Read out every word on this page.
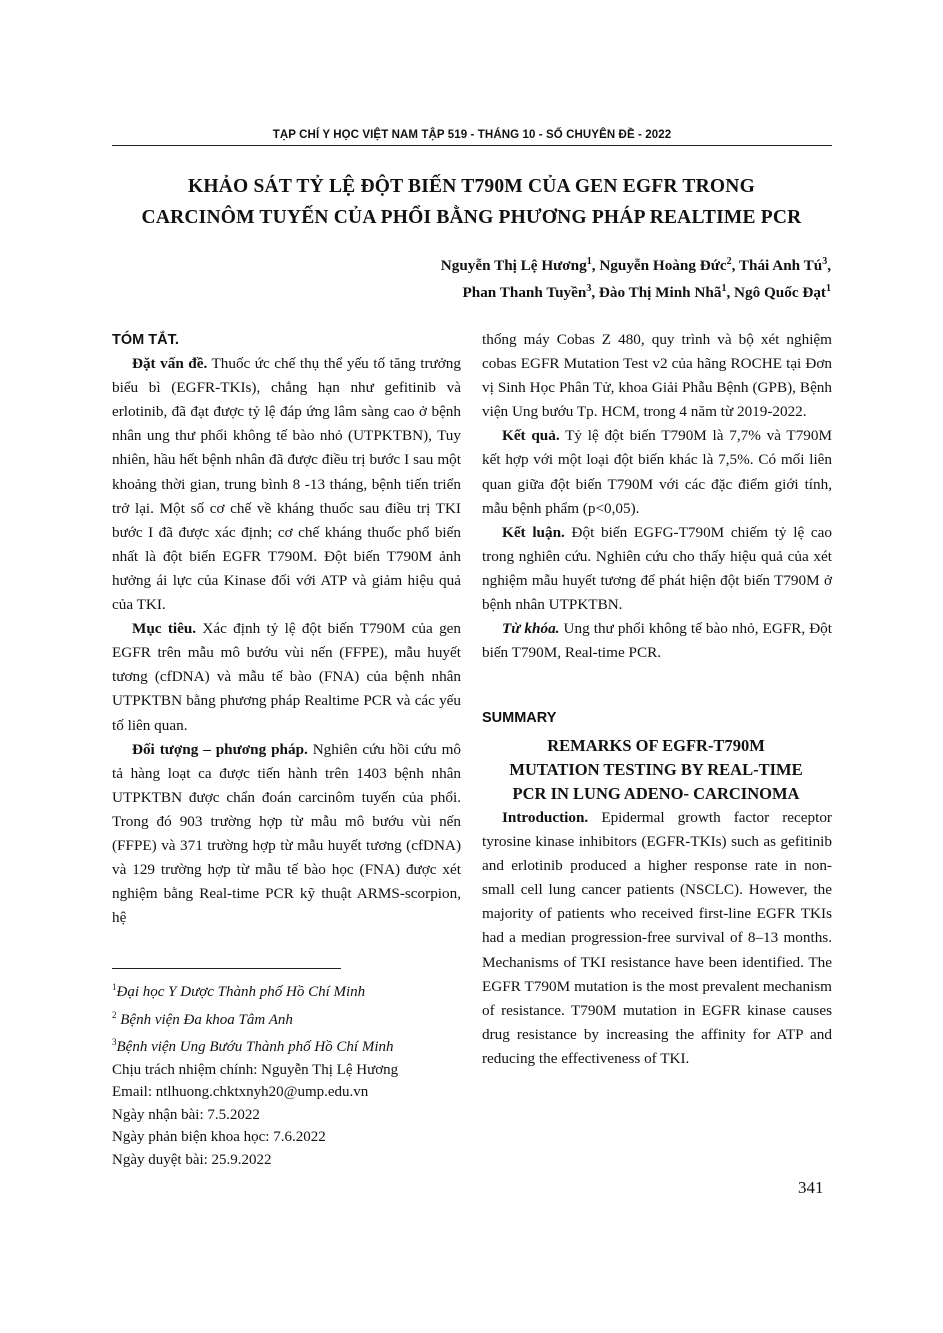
TẠP CHÍ Y HỌC VIỆT NAM TẬP 519 - THÁNG 10 - SỐ CHUYÊN ĐỀ - 2022
KHẢO SÁT TỶ LỆ ĐỘT BIẾN T790M CỦA GEN EGFR TRONG
CARCINÔM TUYẾN CỦA PHỔI BẰNG PHƯƠNG PHÁP REALTIME PCR
Nguyễn Thị Lệ Hương$^1$, Nguyễn Hoàng Đức$^2$, Thái Anh $Tú^3$,
Phan Thanh Tuyền$^3$, Đào Thị Minh Nhã$^1$, Ngô Quốc Đạt$^1$

TÓM TẮT.

Đặt vấn đề. Thuốc ức chế thụ thể yếu tố tăng trưởng biểu bì (EGFR-TKIs), chẳng hạn như gefitinib và erlotinib, đã đạt được tỷ lệ đáp ứng lâm sàng cao ở bệnh nhân ung thư phổi không tế bào nhỏ (UTPKTBN), Tuy nhiên, hầu hết bệnh nhân đã được điều trị bước I sau một khoảng thời gian, trung bình 8 -13 tháng, bệnh tiến triển trở lại. Một số cơ chế về kháng thuốc sau điều trị TKI bước I đã được xác định; cơ chế kháng thuốc phổ biến nhất là đột biến EGFR T790M. Đột biến T790M ảnh hưởng ái lực của Kinase đối với ATP và giảm hiệu quả của TKI.

Mục tiêu. Xác định tỷ lệ đột biến T790M của gen EGFR trên mẫu mô bướu vùi nến (FFPE), mẫu huyết tương (cfDNA) và mẫu tế bào (FNA) của bệnh nhân UTPKTBN bằng phương pháp Realtime PCR và các yếu tố liên quan.

Đối tượng – phương pháp. Nghiên cứu hồi cứu mô tả hàng loạt ca được tiến hành trên 1403 bệnh nhân UTPKTBN được chẩn đoán carcinôm tuyến của phổi. Trong đó 903 trường hợp từ mẫu mô bướu vùi nến (FFPE) và 371 trường hợp từ mẫu huyết tương (cfDNA) và 129 trường hợp từ mẫu tế bào học (FNA) được xét nghiệm bằng Real-time PCR kỹ thuật ARMS-scorpion, hệ

$^1$Đại học Y Dược Thành phố Hồ Chí Minh
$^2$ Bệnh viện Đa khoa Tâm Anh
$^3$Bệnh viện Ung Bướu Thành phố Hồ Chí Minh
Chịu trách nhiệm chính: Nguyễn Thị Lệ Hương
Email: ntlhuong.chktxnyh20@ump.edu.vn
Ngày nhận bài: 7.5.2022
Ngày phản biện khoa học: 7.6.2022
Ngày duyệt bài: 25.9.2022

thống máy Cobas Z 480, quy trình và bộ xét nghiệm cobas EGFR Mutation Test v2 của hãng ROCHE tại Đơn vị Sinh Học Phân Tử, khoa Giải Phẫu Bệnh (GPB), Bệnh viện Ung bướu Tp. HCM, trong 4 năm từ 2019-2022.

Kết quả. Tỷ lệ đột biến T790M là 7,7% và T790M kết hợp với một loại đột biến khác là 7,5%. Có mối liên quan giữa đột biến T790M với các đặc điểm giới tính, mẫu bệnh phẩm (p<0,05).

Kết luận. Đột biến EGFG-T790M chiếm tỷ lệ cao trong nghiên cứu. Nghiên cứu cho thấy hiệu quả của xét nghiệm mẫu huyết tương để phát hiện đột biến T790M ở bệnh nhân UTPKTBN.

Từ khóa. Ung thư phổi không tế bào nhỏ, EGFR, Đột biến T790M, Real-time PCR.

SUMMARY
REMARKS OF EGFR-T790M
MUTATION TESTING BY REAL-TIME
PCR IN LUNG ADENO- CARCINOMA

Introduction. Epidermal growth factor receptor tyrosine kinase inhibitors (EGFR-TKIs) such as gefitinib and erlotinib produced a higher response rate in non-small cell lung cancer patients (NSCLC). However, the majority of patients who received first-line EGFR TKIs had a median progression-free survival of 8–13 months. Mechanisms of TKI resistance have been identified. The EGFR T790M mutation is the most prevalent mechanism of resistance. T790M mutation in EGFR kinase causes drug resistance by increasing the affinity for ATP and reducing the effectiveness of TKI.

341
